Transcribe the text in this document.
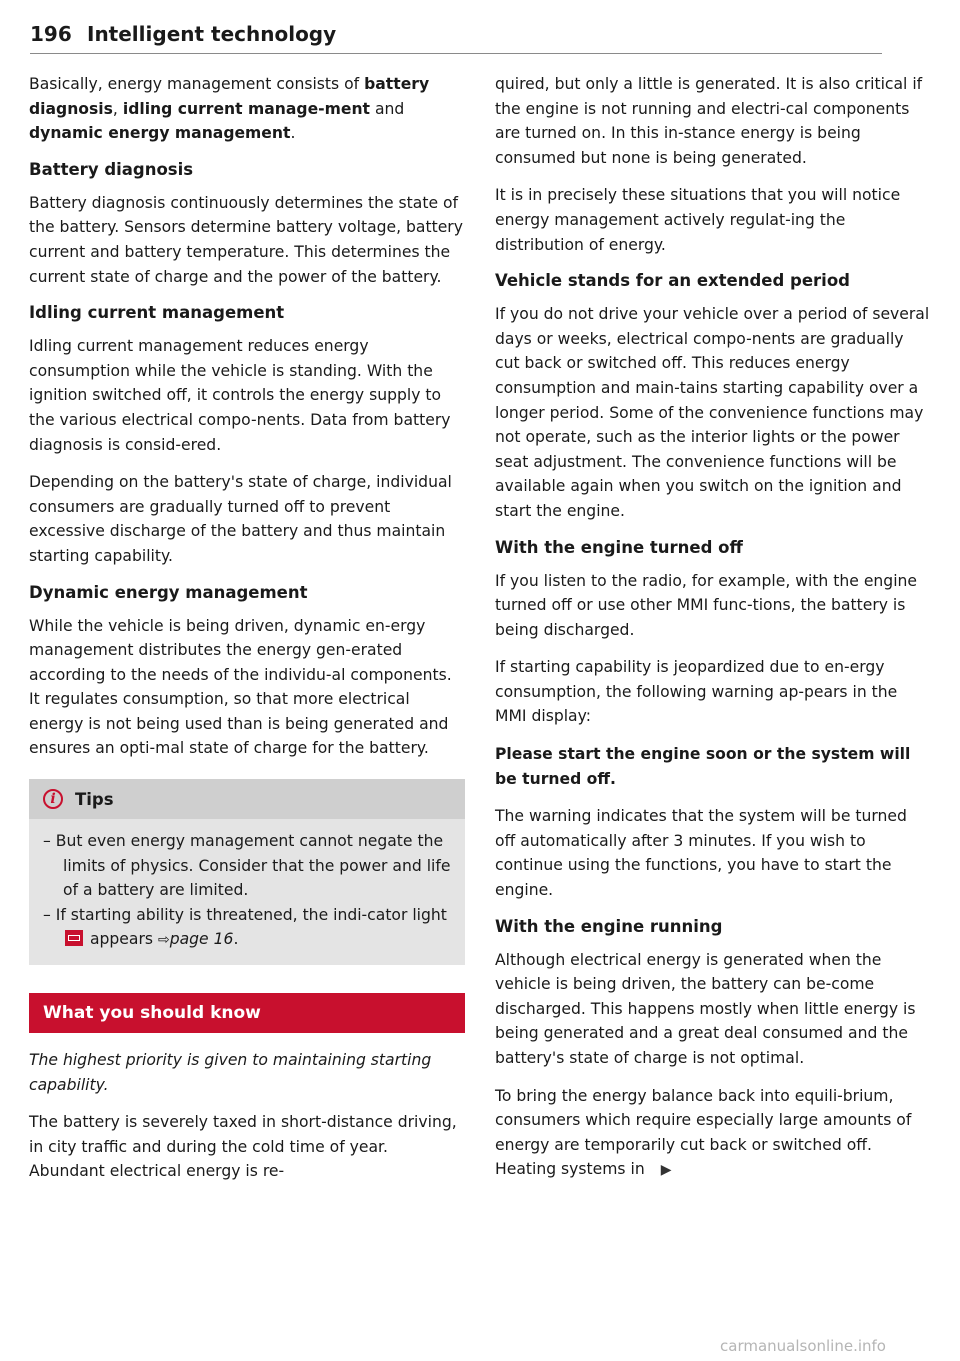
196 Intelligent technology

Basically, energy management consists of battery diagnosis, idling current manage-ment and dynamic energy management.

Battery diagnosis

Battery diagnosis continuously determines the state of the battery. Sensors determine battery voltage, battery current and battery temperature. This determines the current state of charge and the power of the battery.

Idling current management

Idling current management reduces energy consumption while the vehicle is standing. With the ignition switched off, it controls the energy supply to the various electrical compo-nents. Data from battery diagnosis is consid-ered.

Depending on the battery's state of charge, individual consumers are gradually turned off to prevent excessive discharge of the battery and thus maintain starting capability.

Dynamic energy management

While the vehicle is being driven, dynamic en-ergy management distributes the energy gen-erated according to the needs of the individu-al components. It regulates consumption, so that more electrical energy is not being used than is being generated and ensures an opti-mal state of charge for the battery.

i	Tips
– But even energy management cannot negate the limits of physics. Consider that the power and life of a battery are limited.
– If starting ability is threatened, the indi-cator light  appears ⇨page 16.
What you should know

The highest priority is given to maintaining starting capability.

The battery is severely taxed in short-distance driving, in city traffic and during the cold time of year. Abundant electrical energy is re-

quired, but only a little is generated. It is also critical if the engine is not running and electri-cal components are turned on. In this in-stance energy is being consumed but none is being generated.

It is in precisely these situations that you will notice energy management actively regulat-ing the distribution of energy.

Vehicle stands for an extended period

If you do not drive your vehicle over a period of several days or weeks, electrical compo-nents are gradually cut back or switched off. This reduces energy consumption and main-tains starting capability over a longer period. Some of the convenience functions may not operate, such as the interior lights or the power seat adjustment. The convenience functions will be available again when you switch on the ignition and start the engine.

With the engine turned off

If you listen to the radio, for example, with the engine turned off or use other MMI func-tions, the battery is being discharged.

If starting capability is jeopardized due to en-ergy consumption, the following warning ap-pears in the MMI display:

Please start the engine soon or the system will be turned off.

The warning indicates that the system will be turned off automatically after 3 minutes. If you wish to continue using the functions, you have to start the engine.

With the engine running

Although electrical energy is generated when the vehicle is being driven, the battery can be-come discharged. This happens mostly when little energy is being generated and a great deal consumed and the battery's state of charge is not optimal.

To bring the energy balance back into equili-brium, consumers which require especially large amounts of energy are temporarily cut back or switched off. Heating systems in ▶

carmanualsonline.info
